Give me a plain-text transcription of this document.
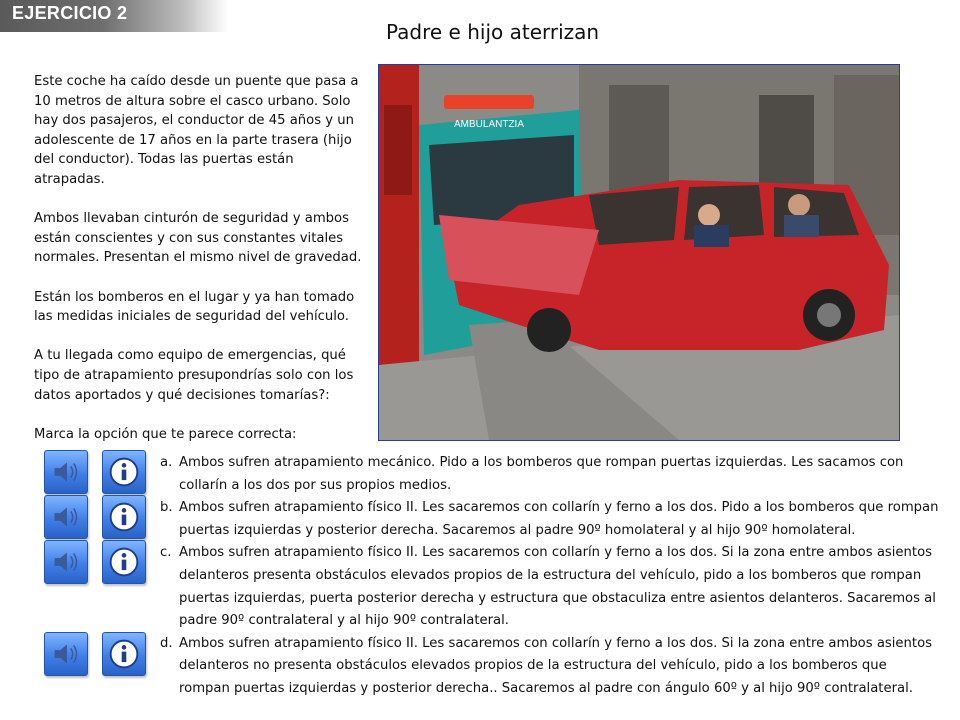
EJERCICIO 2
Padre e hijo aterrizan

Este coche ha caído desde un puente que pasa a 10 metros de altura sobre el casco urbano. Solo hay dos pasajeros, el conductor de 45 años y un adolescente de 17 años en la parte trasera (hijo del conductor). Todas las puertas están atrapadas.

Ambos llevaban cinturón de seguridad y ambos están conscientes y con sus constantes vitales normales. Presentan el mismo nivel de gravedad.

Están los bomberos en el lugar y ya han tomado las medidas iniciales de seguridad del vehículo.

A tu llegada como equipo de emergencias, qué tipo de atrapamiento presupondrías solo con los datos aportados y qué decisiones tomarías?:

Marca la opción que te parece correcta:

AMBULANTZIA
a. Ambos sufren atrapamiento mecánico. Pido a los bomberos que rompan puertas izquierdas. Les sacamos con collarín a los dos por sus propios medios.
b. Ambos sufren atrapamiento físico II. Les sacaremos con collarín y ferno a los dos. Pido a los bomberos que rompan puertas izquierdas y posterior derecha. Sacaremos al padre 90º homolateral y al hijo 90º homolateral.
c. Ambos sufren atrapamiento físico II. Les sacaremos con collarín y ferno a los dos. Si la zona entre ambos asientos delanteros presenta obstáculos elevados propios de la estructura del vehículo, pido a los bomberos que rompan puertas izquierdas, puerta posterior derecha y estructura que obstaculiza entre asientos delanteros. Sacaremos al padre 90º contralateral y al hijo 90º contralateral.
d. Ambos sufren atrapamiento físico II. Les sacaremos con collarín y ferno a los dos. Si la zona entre ambos asientos delanteros no presenta obstáculos elevados propios de la estructura del vehículo, pido a los bomberos que rompan puertas izquierdas y posterior derecha.. Sacaremos al padre con ángulo 60º y al hijo 90º contralateral.
